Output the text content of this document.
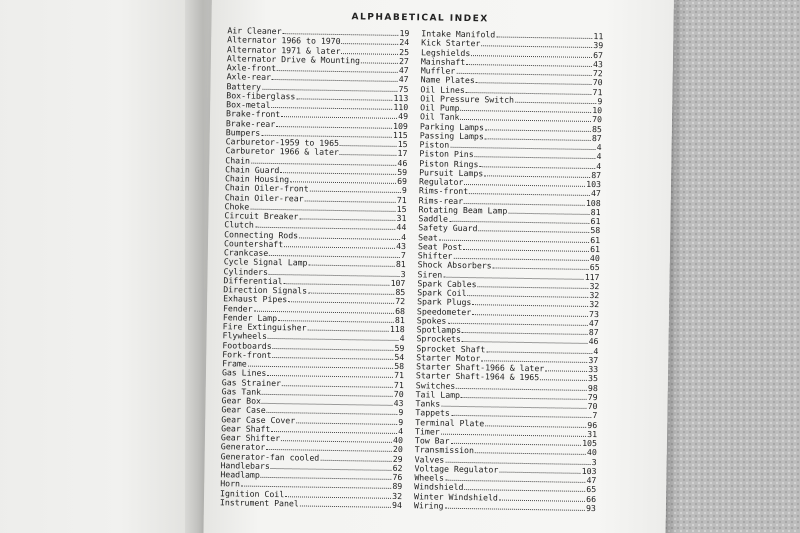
ALPHABETICAL INDEX
Air Cleaner	19
Alternator 1966 to 1970	24
Alternator 1971 & later	25
Alternator Drive & Mounting	27
Axle-front	47
Axle-rear	47
Battery	75
Box-fiberglass	113
Box-metal	110
Brake-front	49
Brake-rear	109
Bumpers	115
Carburetor-1959 to 1965	15
Carburetor 1966 & later	17
Chain	46
Chain Guard	59
Chain Housing	69
Chain Oiler-front	9
Chain Oiler-rear	71
Choke	15
Circuit Breaker	31
Clutch	44
Connecting Rods	4
Countershaft	43
Crankcase	7
Cycle Signal Lamp	81
Cylinders	3
Differential	107
Direction Signals	85
Exhaust Pipes	72
Fender	68
Fender Lamp	81
Fire Extinguisher	118
Flywheels	4
Footboards	59
Fork-front	54
Frame	58
Gas Lines	71
Gas Strainer	71
Gas Tank	70
Gear Box	43
Gear Case	9
Gear Case Cover	9
Gear Shaft	4
Gear Shifter	40
Generator	20
Generator-fan cooled	29
Handlebars	62
Headlamp	76
Horn	89
Ignition Coil	32
Instrument Panel	94
Intake Manifold	11
Kick Starter	39
Legshields	67
Mainshaft	43
Muffler	72
Name Plates	70
Oil Lines	71
Oil Pressure Switch	9
Oil Pump	10
Oil Tank	70
Parking Lamps	85
Passing Lamps	87
Piston	4
Piston Pins	4
Piston Rings	4
Pursuit Lamps	87
Regulator	103
Rims-front	47
Rims-rear	108
Rotating Beam Lamp	81
Saddle	61
Safety Guard	58
Seat	61
Seat Post	61
Shifter	40
Shock Absorbers	65
Siren	117
Spark Cables	32
Spark Coil	32
Spark Plugs	32
Speedometer	73
Spokes	47
Spotlamps	87
Sprockets	46
Sprocket Shaft	4
Starter Motor	37
Starter Shaft-1966 & later	33
Starter Shaft-1964 & 1965	35
Switches	98
Tail Lamp	79
Tanks	70
Tappets	7
Terminal Plate	96
Timer	31
Tow Bar	105
Transmission	40
Valves	3
Voltage Regulator	103
Wheels	47
Windshield	65
Winter Windshield	66
Wiring	93
